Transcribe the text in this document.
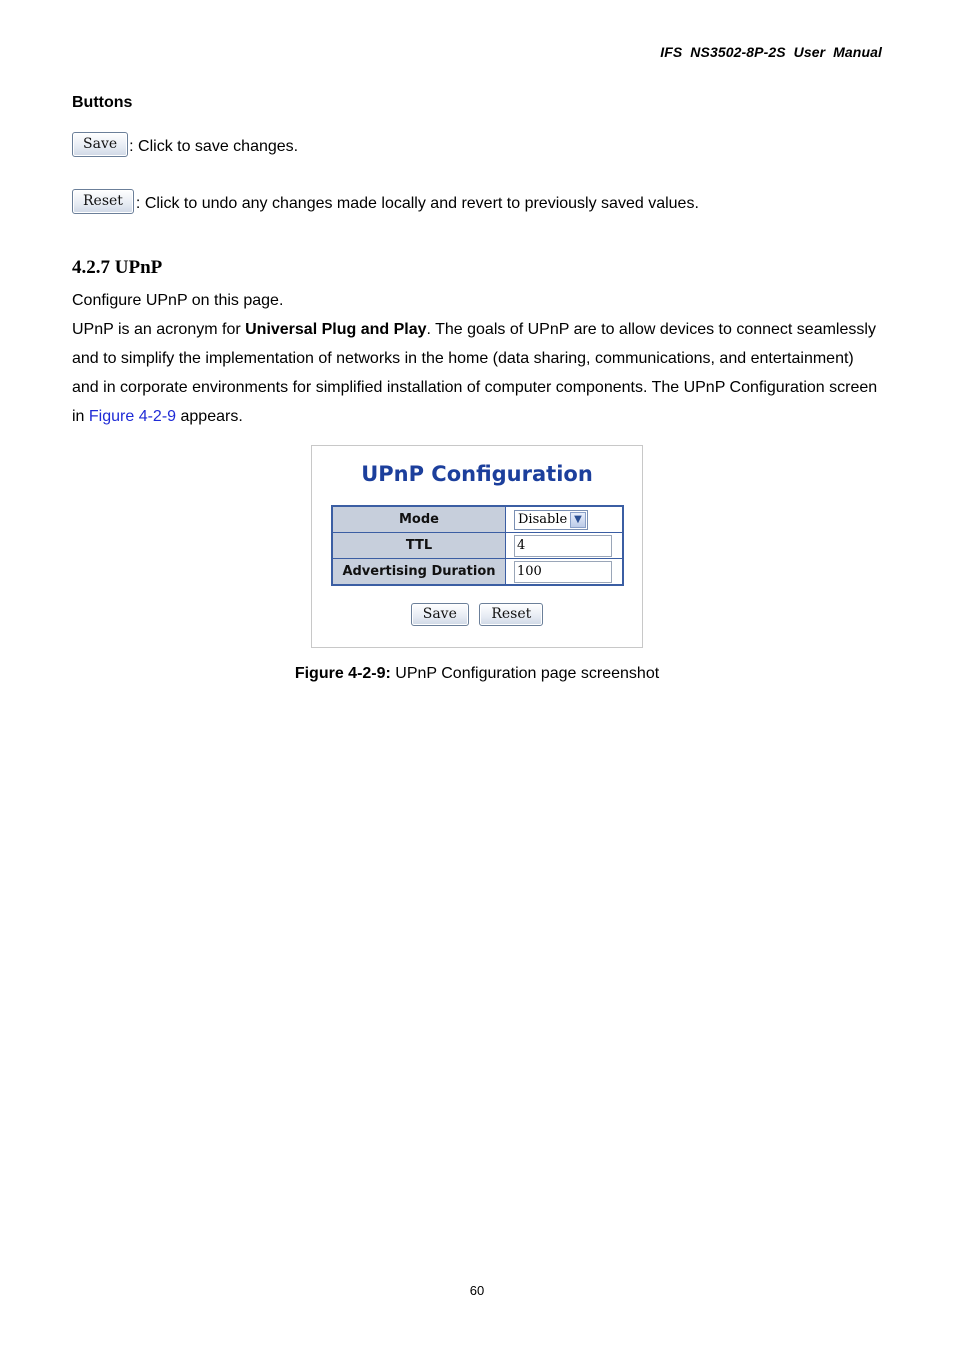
IFS  NS3502-8P-2S  User  Manual
Buttons
Save : Click to save changes.
Reset : Click to undo any changes made locally and revert to previously saved values.
4.2.7 UPnP
Configure UPnP on this page.
UPnP is an acronym for Universal Plug and Play. The goals of UPnP are to allow devices to connect seamlessly and to simplify the implementation of networks in the home (data sharing, communications, and entertainment) and in corporate environments for simplified installation of computer components. The UPnP Configuration screen in Figure 4-2-9 appears.
UPnP Configuration
Mode	Disable ▼

TTL	4
Advertising Duration	100
Save Reset
Figure 4-2-9: UPnP Configuration page screenshot
60
